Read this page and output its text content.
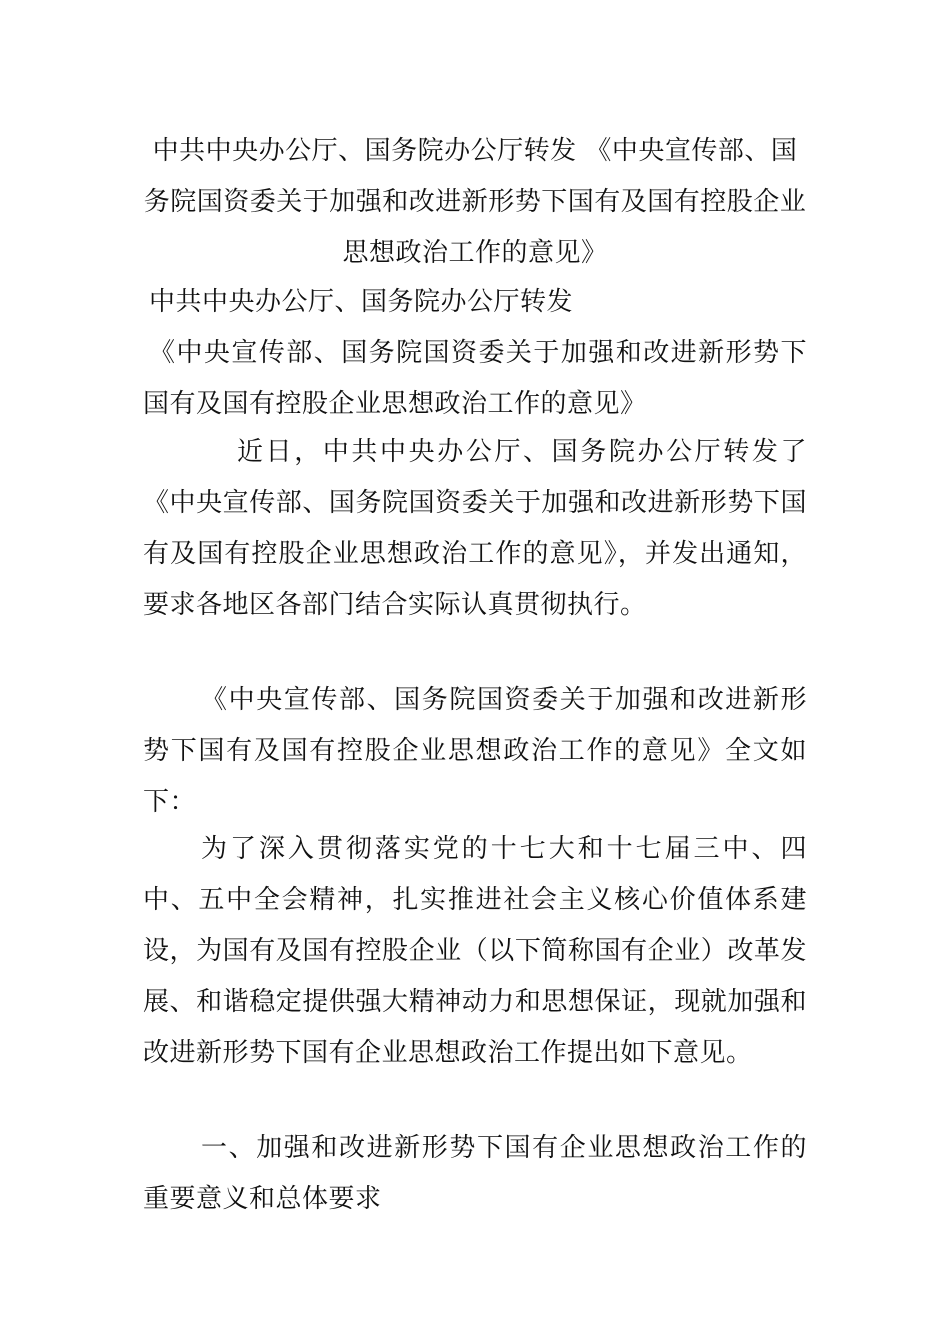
中共中央办公厅、国务院办公厅转发 《中央宣传部、国务院国资委关于加强和改进新形势下国有及国有控股企业思想政治工作的意见》

中共中央办公厅、国务院办公厅转发

《中央宣传部、国务院国资委关于加强和改进新形势下国有及国有控股企业思想政治工作的意见》

近日，中共中央办公厅、国务院办公厅转发了《中央宣传部、国务院国资委关于加强和改进新形势下国有及国有控股企业思想政治工作的意见》，并发出通知，要求各地区各部门结合实际认真贯彻执行。

《中央宣传部、国务院国资委关于加强和改进新形势下国有及国有控股企业思想政治工作的意见》全文如下：

为了深入贯彻落实党的十七大和十七届三中、四中、五中全会精神，扎实推进社会主义核心价值体系建设，为国有及国有控股企业（以下简称国有企业）改革发展、和谐稳定提供强大精神动力和思想保证，现就加强和改进新形势下国有企业思想政治工作提出如下意见。

一、加强和改进新形势下国有企业思想政治工作的重要意义和总体要求
